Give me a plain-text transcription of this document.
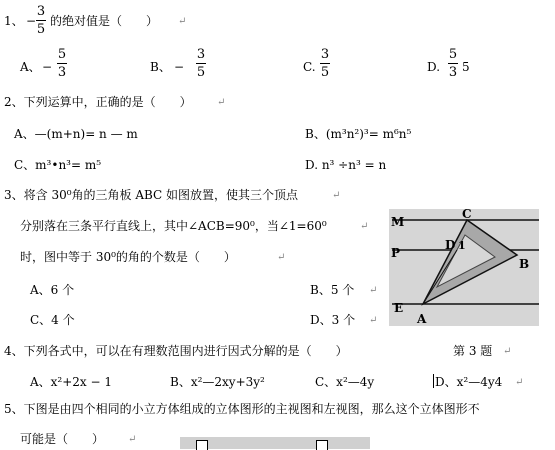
1、 −
3
5
的绝对值是（　　） ↵
A、 −
5
3	B、 −
3
5	C.
3
5	D.
5
3 5
2、下列运算中，正确的是（　　）	↵
A、—(m+n)= n — m	B、(m³n²)³= m⁶n⁵
C、m³•n³= m⁵	D. n³ ÷n³ = n
3、将含 30⁰角的三角板 ABC 如图放置，使其三个顶点	↵
分别落在三条平行直线上，其中∠ACB=90⁰，当∠1=60⁰	↵
时，图中等于 30⁰的角的个数是（　　）	↵
A、6 个	B、5 个 ↵
C、4 个	D、3 个 ↵
M
P
E
A
B
C
D 1
第 3 题 ↵
4、下列各式中，可以在有理数范围内进行因式分解的是（　　）
A、x²+2x − 1	B、x²—2xy+3y²	C、x²—4y	D、x²—4y4 ↵
5、下图是由四个相同的小立方体组成的立体图形的主视图和左视图，那么这个立体图形不
可能是（　　） ↵
